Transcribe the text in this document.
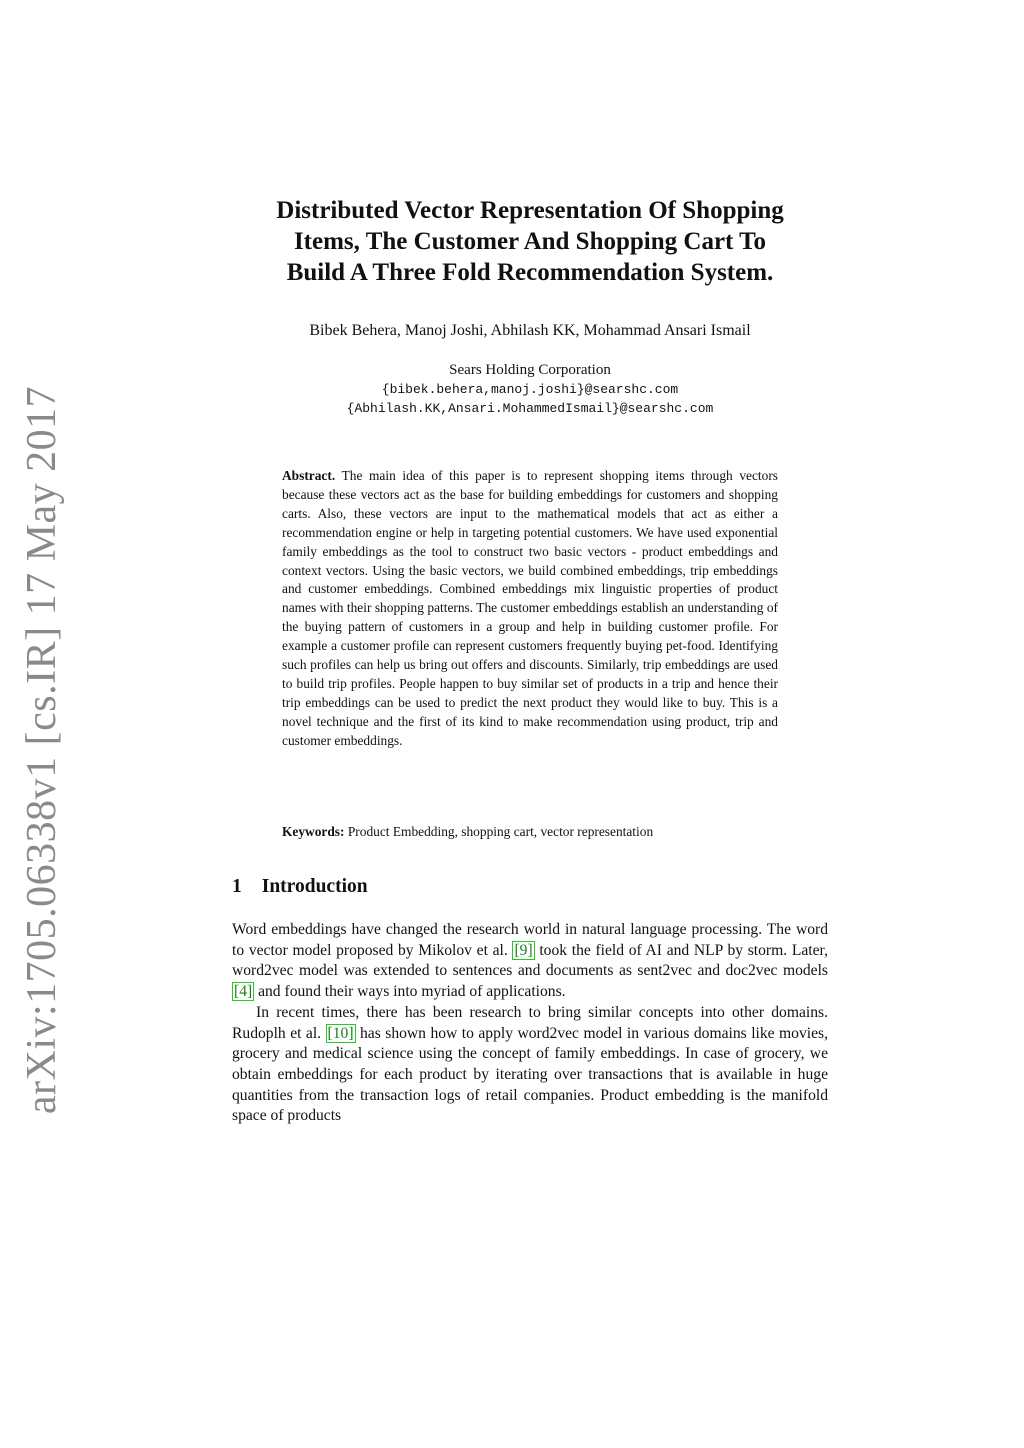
arXiv:1705.06338v1 [cs.IR] 17 May 2017
Distributed Vector Representation Of Shopping
Items, The Customer And Shopping Cart To
Build A Three Fold Recommendation System.
Bibek Behera, Manoj Joshi, Abhilash KK, Mohammad Ansari Ismail
Sears Holding Corporation
{bibek.behera,manoj.joshi}@searshc.com
{Abhilash.KK,Ansari.MohammedIsmail}@searshc.com
Abstract. The main idea of this paper is to represent shopping items through vectors because these vectors act as the base for building embeddings for customers and shopping carts. Also, these vectors are input to the mathematical models that act as either a recommendation engine or help in targeting potential customers. We have used exponential family embeddings as the tool to construct two basic vectors - product embeddings and context vectors. Using the basic vectors, we build combined embeddings, trip embeddings and customer embeddings. Combined embeddings mix linguistic properties of product names with their shopping patterns. The customer embeddings establish an understanding of the buying pattern of customers in a group and help in building customer profile. For example a customer profile can represent customers frequently buying pet-food. Identifying such profiles can help us bring out offers and discounts. Similarly, trip embeddings are used to build trip profiles. People happen to buy similar set of products in a trip and hence their trip embeddings can be used to predict the next product they would like to buy. This is a novel technique and the first of its kind to make recommendation using product, trip and customer embeddings.
Keywords: Product Embedding, shopping cart, vector representation
1 Introduction

Word embeddings have changed the research world in natural language processing. The word to vector model proposed by Mikolov et al. [9] took the field of AI and NLP by storm. Later, word2vec model was extended to sentences and documents as sent2vec and doc2vec models [4] and found their ways into myriad of applications.

In recent times, there has been research to bring similar concepts into other domains. Rudoplh et al. [10] has shown how to apply word2vec model in various domains like movies, grocery and medical science using the concept of family embeddings. In case of grocery, we obtain embeddings for each product by iterating over transactions that is available in huge quantities from the transaction logs of retail companies. Product embedding is the manifold space of products
